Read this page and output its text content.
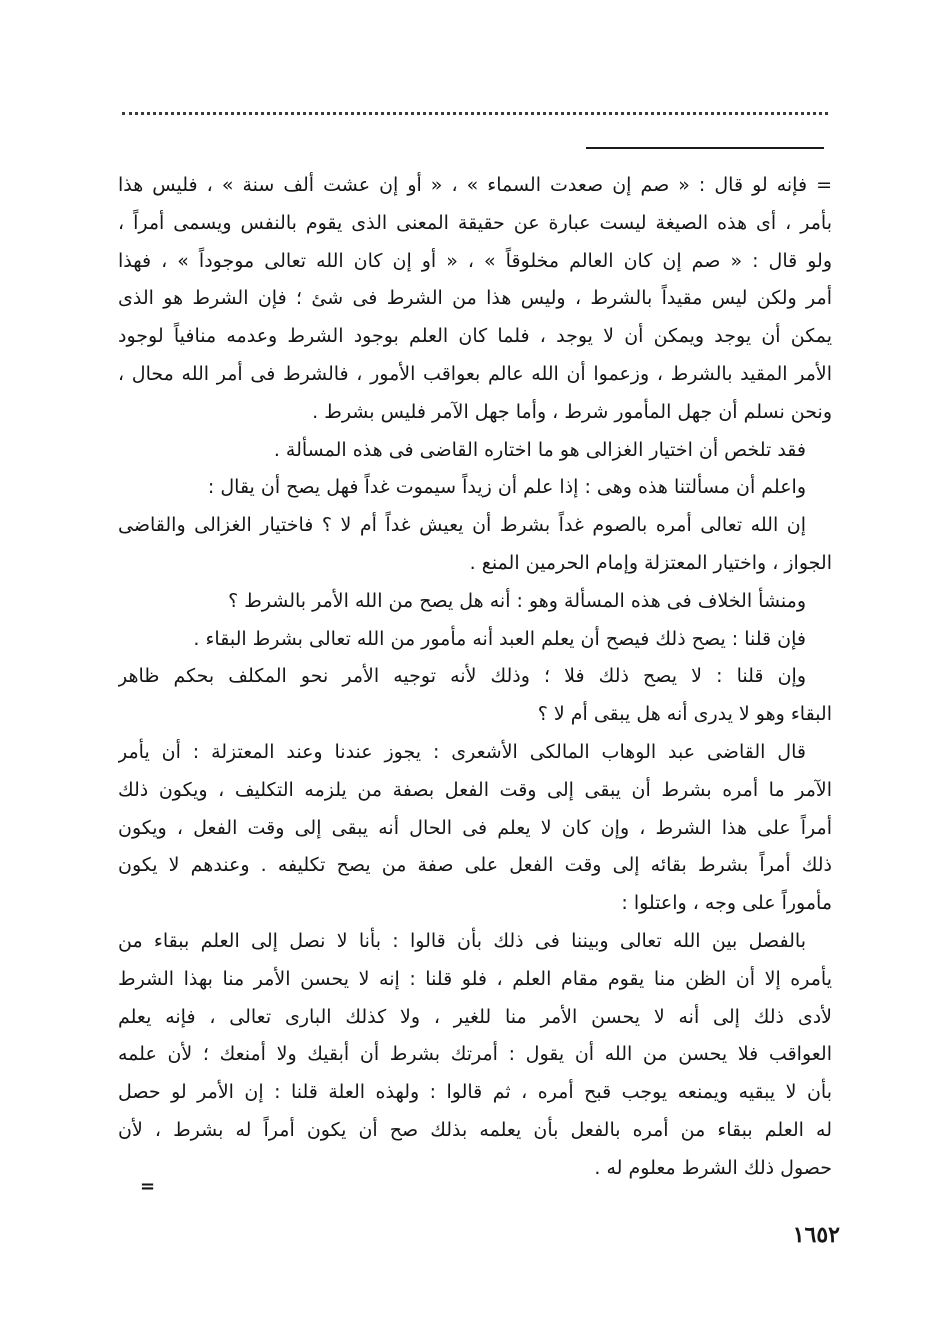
= فإنه لو قال : « صم إن صعدت السماء » ، « أو إن عشت ألف سنة » ، فليس هذا
بأمر ، أى هذه الصيغة ليست عبارة عن حقيقة المعنى الذى يقوم بالنفس ويسمى أمراً ،
ولو قال : « صم إن كان العالم مخلوقاً » ، « أو إن كان الله تعالى موجوداً » ، فهذا
أمر ولكن ليس مقيداً بالشرط ، وليس هذا من الشرط فى شئ ؛ فإن الشرط هو الذى
يمكن أن يوجد ويمكن أن لا يوجد ، فلما كان العلم بوجود الشرط وعدمه منافياً لوجود
الأمر المقيد بالشرط ، وزعموا أن الله عالم بعواقب الأمور ، فالشرط فى أمر الله محال ،
ونحن نسلم أن جهل المأمور شرط ، وأما جهل الآمر فليس بشرط .
فقد تلخص أن اختيار الغزالى هو ما اختاره القاضى فى هذه المسألة .
واعلم أن مسألتنا هذه وهى : إذا علم أن زيداً سيموت غداً فهل يصح أن يقال :
إن الله تعالى أمره بالصوم غداً بشرط أن يعيش غداً أم لا ؟ فاختيار الغزالى والقاضى
الجواز ، واختيار المعتزلة وإمام الحرمين المنع .
ومنشأ الخلاف فى هذه المسألة وهو : أنه هل يصح من الله الأمر بالشرط ؟
فإن قلنا : يصح ذلك فيصح أن يعلم العبد أنه مأمور من الله تعالى بشرط البقاء .
وإن قلنا : لا يصح ذلك فلا ؛ وذلك لأنه توجيه الأمر نحو المكلف بحكم ظاهر
البقاء وهو لا يدرى أنه هل يبقى أم لا ؟
قال القاضى عبد الوهاب المالكى الأشعرى : يجوز عندنا وعند المعتزلة : أن يأمر
الآمر ما أمره بشرط أن يبقى إلى وقت الفعل بصفة من يلزمه التكليف ، ويكون ذلك
أمراً على هذا الشرط ، وإن كان لا يعلم فى الحال أنه يبقى إلى وقت الفعل ، ويكون
ذلك أمراً بشرط بقائه إلى وقت الفعل على صفة من يصح تكليفه . وعندهم لا يكون
مأموراً على وجه ، واعتلوا :
بالفصل بين الله تعالى وبيننا فى ذلك بأن قالوا : بأنا لا نصل إلى العلم ببقاء من
يأمره إلا أن الظن منا يقوم مقام العلم ، فلو قلنا : إنه لا يحسن الأمر منا بهذا الشرط
لأدى ذلك إلى أنه لا يحسن الأمر منا للغير ، ولا كذلك البارى تعالى ، فإنه يعلم
العواقب فلا يحسن من الله أن يقول : أمرتك بشرط أن أبقيك ولا أمنعك ؛ لأن علمه
بأن لا يبقيه ويمنعه يوجب قبح أمره ، ثم قالوا : ولهذه العلة قلنا : إن الأمر لو حصل
له العلم ببقاء من أمره بالفعل بأن يعلمه بذلك صح أن يكون أمراً له بشرط ، لأن
حصول ذلك الشرط معلوم له .
=
١٦٥٢
